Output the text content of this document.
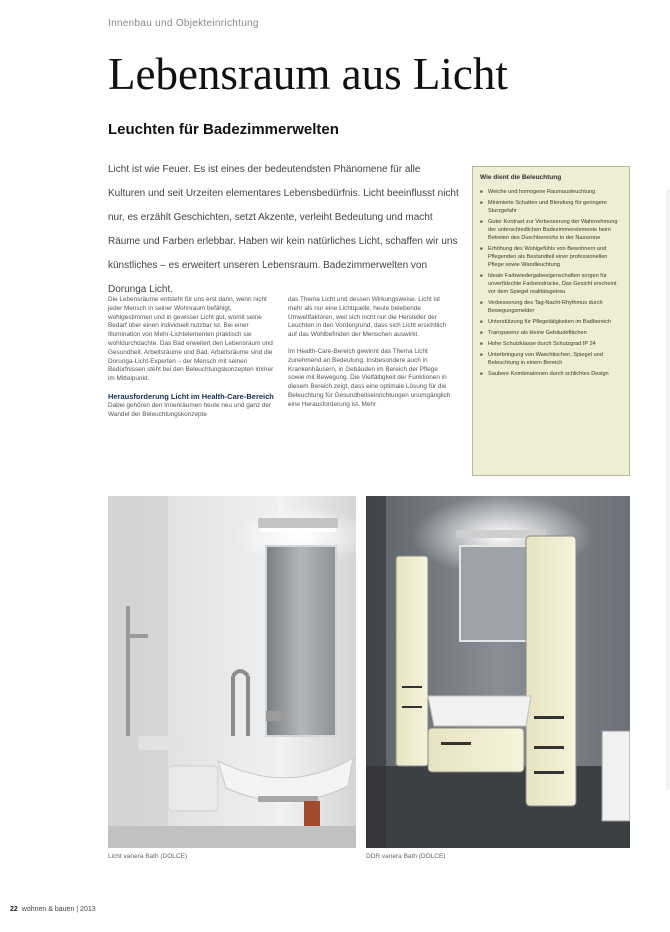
Innenbau und Objekteinrichtung
Lebensraum aus Licht
Leuchten für Badezimmerwelten
Licht ist wie Feuer. Es ist eines der bedeutendsten Phänomene für alle Kulturen und seit Urzeiten elementares Lebensbedürfnis. Licht beeinflusst nicht nur, es erzählt Geschichten, setzt Akzente, verleiht Bedeutung und macht Räume und Farben erlebbar. Haben wir kein natürliches Licht, schaffen wir uns künstliches – es erweitert unseren Lebensraum. Badezimmerwelten von Dorunga Licht.

Die Lebensräume entsteht für uns erst dann, wenn nicht jeder Mensch in seiner Wohnraum befähigt, wohlgestimmen und in gewisser Licht gut, womit seine Bedarf über einen individuell nutzbar ist. Bei einer Illumination von Mehr-Lichtelementen praktisch sie wohldurchdachte. Das Bad erweitert den Lebensraum und Gesundheit. Arbeitsräume und Bad. Arbeitsräume sind die Dorunga-Licht-Experten – der Mensch mit seinen Bedürfnissen steht bei den Beleuchtungskonzepten immer im Mittelpunkt.

Herausforderung Licht im Health-Care-Bereich

Dabei gehören den Innenräumen heute neu und ganz der Wandel der Beleuchtungskonzepte

das Thema Licht und dessen Wirkungsweise. Licht ist mehr als nur eine Lichtquelle, heute belebende Umweltfaktoren, weil sich nicht nur die Hersteller der Leuchten in den Vordergrund, dass sich Licht ersichtlich auf das Wohlbefinden der Menschen auswirkt.

Im Health-Care-Bereich gewinnt das Thema Licht zunehmend an Bedeutung. Insbesondere auch in Krankenhäusern, in Gebäuden im Bereich der Pflege sowie mit Bewegung. Die Vielfältigkeit der Funktionen in diesem Bereich zeigt, dass eine optimale Lösung für die Beleuchtung für Gesundheitseinrichtungen unumgänglich eine Herausforderung ist. Mehr

Wie dient die Beleuchtung
■ Weiche und homogene Raumausleuchtung
■ Minimierte Schatten und Blendung für geringere Sturzgefahr
■ Guter Kontrast zur Verbesserung der Wahrnehmung der unterschiedlichen Badezimmerelemente beim Betreten des Duschbereichs in der Nasszone
■ Erhöhung des Wohlgefühls von Bewohnern und Pflegenden als Bestandteil einer professionellen Pflege sowie Wandleuchtung
■ Ideale Farbwiedergabeeigenschaften sorgen für unverfälschte Farbeindrücke, Das Gesicht erscheint vor dem Spiegel realitätsgetreu
■ Verbesserung des Tag-Nacht-Rhythmus durch Bewegungsmelder
■ Unterstützung für Pflegetätigkeiten im Badbereich
■ Transparenz als kleine Gebäudeflächen
■ Hohe Schutzklasse durch Schutzgrad IP 24
■ Unterbringung von Waschtischen, Spiegel und Beleuchtung in einem Bereich
■ Saubere Kombinationen durch schlichtes Design
Licht vanera Bath (DOLCE)	DDR vanera Bath (DOLCE)
22 wohnen & bauen | 2013
